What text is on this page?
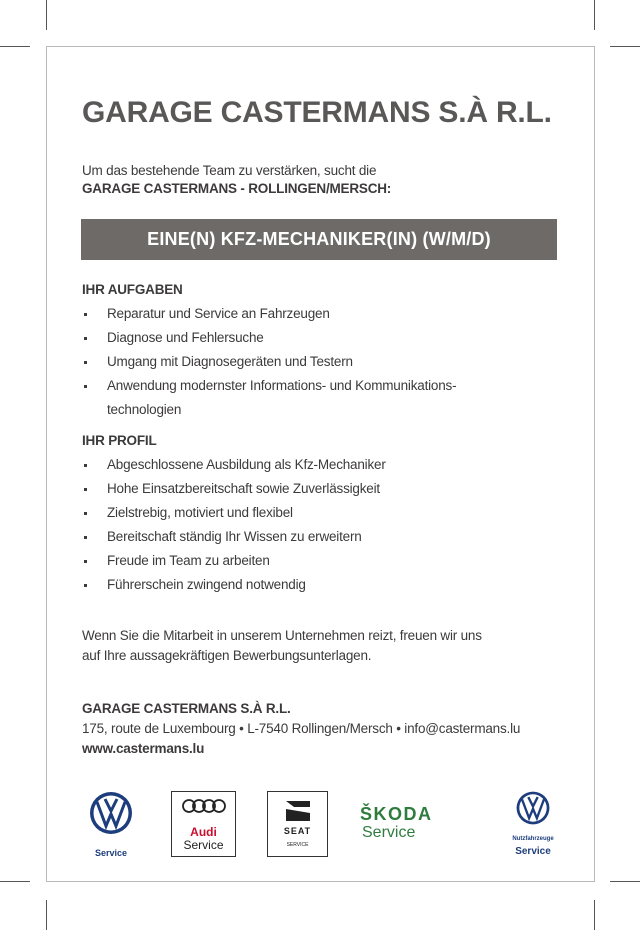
GARAGE CASTERMANS S.À R.L.
Um das bestehende Team zu verstärken, sucht die
GARAGE CASTERMANS - ROLLINGEN/MERSCH:
EINE(N) KFZ-MECHANIKER(IN) (W/M/D)
IHR AUFGABEN
Reparatur und Service an Fahrzeugen
Diagnose und Fehlersuche
Umgang mit Diagnosegeräten und Testern
Anwendung modernster Informations- und Kommunikations-
technologien
IHR PROFIL
Abgeschlossene Ausbildung als Kfz-Mechaniker
Hohe Einsatzbereitschaft sowie Zuverlässigkeit
Zielstrebig, motiviert und flexibel
Bereitschaft ständig Ihr Wissen zu erweitern
Freude im Team zu arbeiten
Führerschein zwingend notwendig
Wenn Sie die Mitarbeit in unserem Unternehmen reizt, freuen wir uns
auf Ihre aussagekräftigen Bewerbungsunterlagen.
GARAGE CASTERMANS S.À R.L.
175, route de Luxembourg • L-7540 Rollingen/Mersch • info@castermans.lu
www.castermans.lu
Service
Audi
Service
SEAT
SERVICE
ŠKODA
Service	Nutzfahrzeuge
Service
